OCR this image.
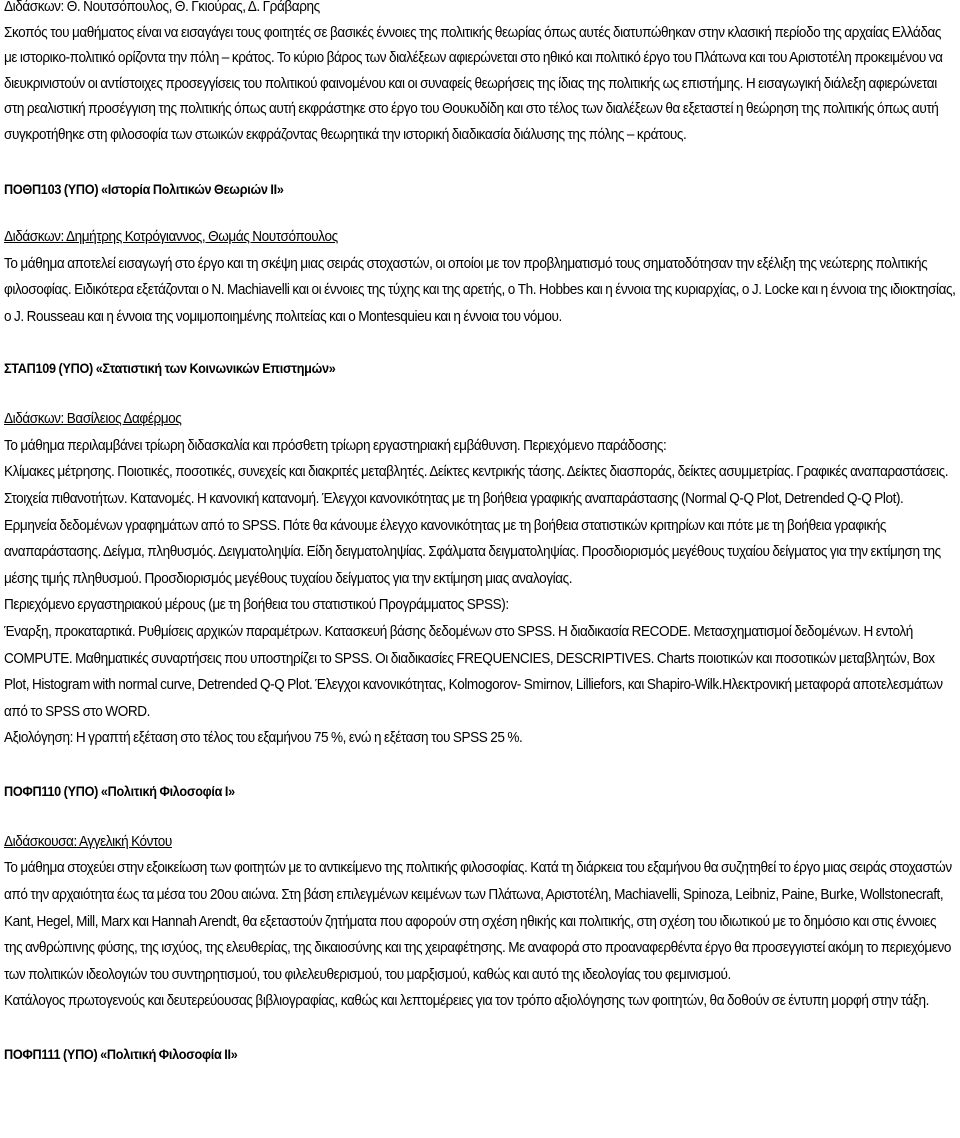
Διδάσκων: Θ. Νουτσόπουλος, Θ. Γκιούρας, Δ. Γράβαρης

Σκοπός του μαθήματος είναι να εισαγάγει τους φοιτητές σε βασικές έννοιες της πολιτικής θεωρίας όπως αυτές διατυπώθηκαν στην κλασική περίοδο της αρχαίας Ελλάδας με ιστορικο-πολιτικό ορίζοντα την πόλη – κράτος. Το κύριο βάρος των διαλέξεων αφιερώνεται στο ηθικό και πολιτικό έργο του Πλάτωνα και του Αριστοτέλη προκειμένου να διευκρινιστούν οι αντίστοιχες προσεγγίσεις του πολιτικού φαινομένου και οι συναφείς θεωρήσεις της ίδιας της πολιτικής ως επιστήμης. Η εισαγωγική διάλεξη αφιερώνεται στη ρεαλιστική προσέγγιση της πολιτικής όπως αυτή εκφράστηκε στο έργο του Θουκυδίδη και στο τέλος των διαλέξεων θα εξεταστεί η θεώρηση της πολιτικής όπως αυτή συγκροτήθηκε στη φιλοσοφία των στωικών εκφράζοντας θεωρητικά την ιστορική διαδικασία διάλυσης της πόλης – κράτους.

ΠΟΘΠ103 (ΥΠΟ) «Ιστορία Πολιτικών Θεωριών ΙΙ»

Διδάσκων: Δημήτρης Κοτρόγιαννος, Θωμάς Νουτσόπουλος

Το μάθημα αποτελεί εισαγωγή στο έργο και τη σκέψη μιας σειράς στοχαστών, οι οποίοι με τον προβληματισμό τους σηματοδότησαν την εξέλιξη της νεώτερης πολιτικής φιλοσοφίας. Ειδικότερα εξετάζονται ο N. Machiavelli και οι έννοιες της τύχης και της αρετής, ο Th. Hobbes και η έννοια της κυριαρχίας, ο J. Locke και η έννοια της ιδιοκτησίας, ο J. Rousseau και η έννοια της νομιμοποιημένης πολιτείας και ο Montesquieu και η έννοια του νόμου.

ΣΤΑΠ109 (ΥΠΟ) «Στατιστική των Κοινωνικών Επιστημών»

Διδάσκων: Βασίλειος Δαφέρμος

Το μάθημα περιλαμβάνει τρίωρη διδασκαλία και πρόσθετη τρίωρη εργαστηριακή εμβάθυνση. Περιεχόμενο παράδοσης:

Κλίμακες μέτρησης. Ποιοτικές, ποσοτικές, συνεχείς και διακριτές μεταβλητές. Δείκτες κεντρικής τάσης. Δείκτες διασποράς, δείκτες ασυμμετρίας. Γραφικές αναπαραστάσεις. Στοιχεία πιθανοτήτων. Κατανομές. Η κανονική κατανομή. Έλεγχοι κανονικότητας με τη βοήθεια γραφικής αναπαράστασης (Normal Q-Q Plot, Detrended Q-Q Plot). Ερμηνεία δεδομένων γραφημάτων από το SPSS. Πότε θα κάνουμε έλεγχο κανονικότητας με τη βοήθεια στατιστικών κριτηρίων και πότε με τη βοήθεια γραφικής αναπαράστασης. Δείγμα, πληθυσμός. Δειγματοληψία. Είδη δειγματοληψίας. Σφάλματα δειγματοληψίας. Προσδιορισμός μεγέθους τυχαίου δείγματος για την εκτίμηση της μέσης τιμής πληθυσμού. Προσδιορισμός μεγέθους τυχαίου δείγματος για την εκτίμηση μιας αναλογίας.

Περιεχόμενο εργαστηριακού μέρους (με τη βοήθεια του στατιστικού Προγράμματος SPSS):

Έναρξη, προκαταρτικά. Ρυθμίσεις αρχικών παραμέτρων. Κατασκευή βάσης δεδομένων στο SPSS. Η διαδικασία RECODE. Μετασχηματισμοί δεδομένων. Η εντολή COMPUTE. Μαθηματικές συναρτήσεις που υποστηρίζει το SPSS. Οι διαδικασίες FREQUENCIES, DESCRIPTIVES. Charts ποιοτικών και ποσοτικών μεταβλητών, Box Plot, Histogram with normal curve, Detrended Q-Q Plot. Έλεγχοι κανονικότητας, Kolmogorov- Smirnov, Lilliefors, και Shapiro-Wilk.Ηλεκτρονική μεταφορά αποτελεσμάτων από το SPSS στο WORD.

Αξιολόγηση: Η γραπτή εξέταση στο τέλος του εξαμήνου 75 %, ενώ η εξέταση του SPSS 25 %.

ΠΟΦΠ110 (ΥΠΟ) «Πολιτική Φιλοσοφία Ι»

Διδάσκουσα: Αγγελική Κόντου

Το μάθημα στοχεύει στην εξοικείωση των φοιτητών με το αντικείμενο της πολιτικής φιλοσοφίας. Κατά τη διάρκεια του εξαμήνου θα συζητηθεί το έργο μιας σειράς στοχαστών από την αρχαιότητα έως τα μέσα του 20ου αιώνα. Στη βάση επιλεγμένων κειμένων των Πλάτωνα, Αριστοτέλη, Machiavelli, Spinoza, Leibniz, Paine, Burke, Wollstonecraft, Kant, Hegel, Mill, Marx και Hannah Arendt, θα εξεταστούν ζητήματα που αφορούν στη σχέση ηθικής και πολιτικής, στη σχέση του ιδιωτικού με το δημόσιο και στις έννοιες της ανθρώπινης φύσης, της ισχύος, της ελευθερίας, της δικαιοσύνης και της χειραφέτησης. Με αναφορά στο προαναφερθέντα έργο θα προσεγγιστεί ακόμη το περιεχόμενο των πολιτικών ιδεολογιών του συντηρητισμού, του φιλελευθερισμού, του μαρξισμού, καθώς και αυτό της ιδεολογίας του φεμινισμού.

Κατάλογος πρωτογενούς και δευτερεύουσας βιβλιογραφίας, καθώς και λεπτομέρειες για τον τρόπο αξιολόγησης των φοιτητών, θα δοθούν σε έντυπη μορφή στην τάξη.

ΠΟΦΠ111 (ΥΠΟ) «Πολιτική Φιλοσοφία ΙΙ»
